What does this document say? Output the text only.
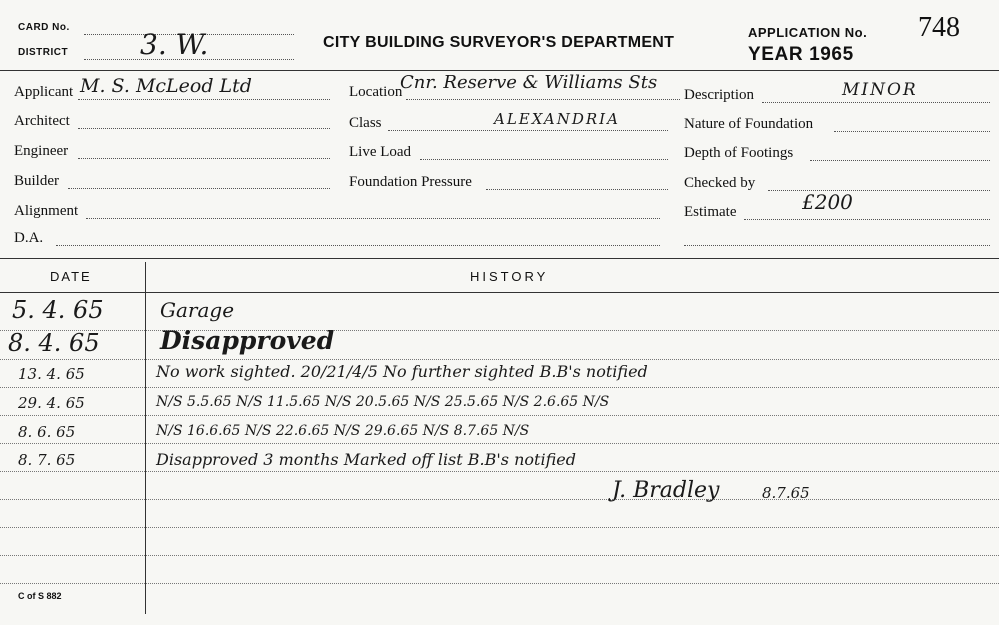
CARD No.
DISTRICT	3. W.	CITY BUILDING SURVEYOR'S DEPARTMENT
APPLICATION No. 748
YEAR 1965
Applicant M. S. McLeod Ltd
Architect
Engineer
Builder
Alignment
D.A.
Location
Cnr. Reserve & Williams Sts
Class	ALEXANDRIA
Live Load
Foundation Pressure
Description	MINOR
Nature of Foundation
Depth of Footings
Checked by
Estimate	£200
DATE	HISTORY
5. 4. 65	Garage
8. 4. 65 Disapproved
13. 4. 65	No work sighted. 20/21/4/5 No further sighted B.B's notified
29. 4. 65	N/S 5.5.65 N/S 11.5.65 N/S 20.5.65 N/S 25.5.65 N/S 2.6.65 N/S
8. 6. 65	N/S 16.6.65 N/S 22.6.65 N/S 29.6.65 N/S 8.7.65 N/S
8. 7. 65	Disapproved 3 months Marked off list B.B's notified
J. Bradley	8.7.65
C of S 882
